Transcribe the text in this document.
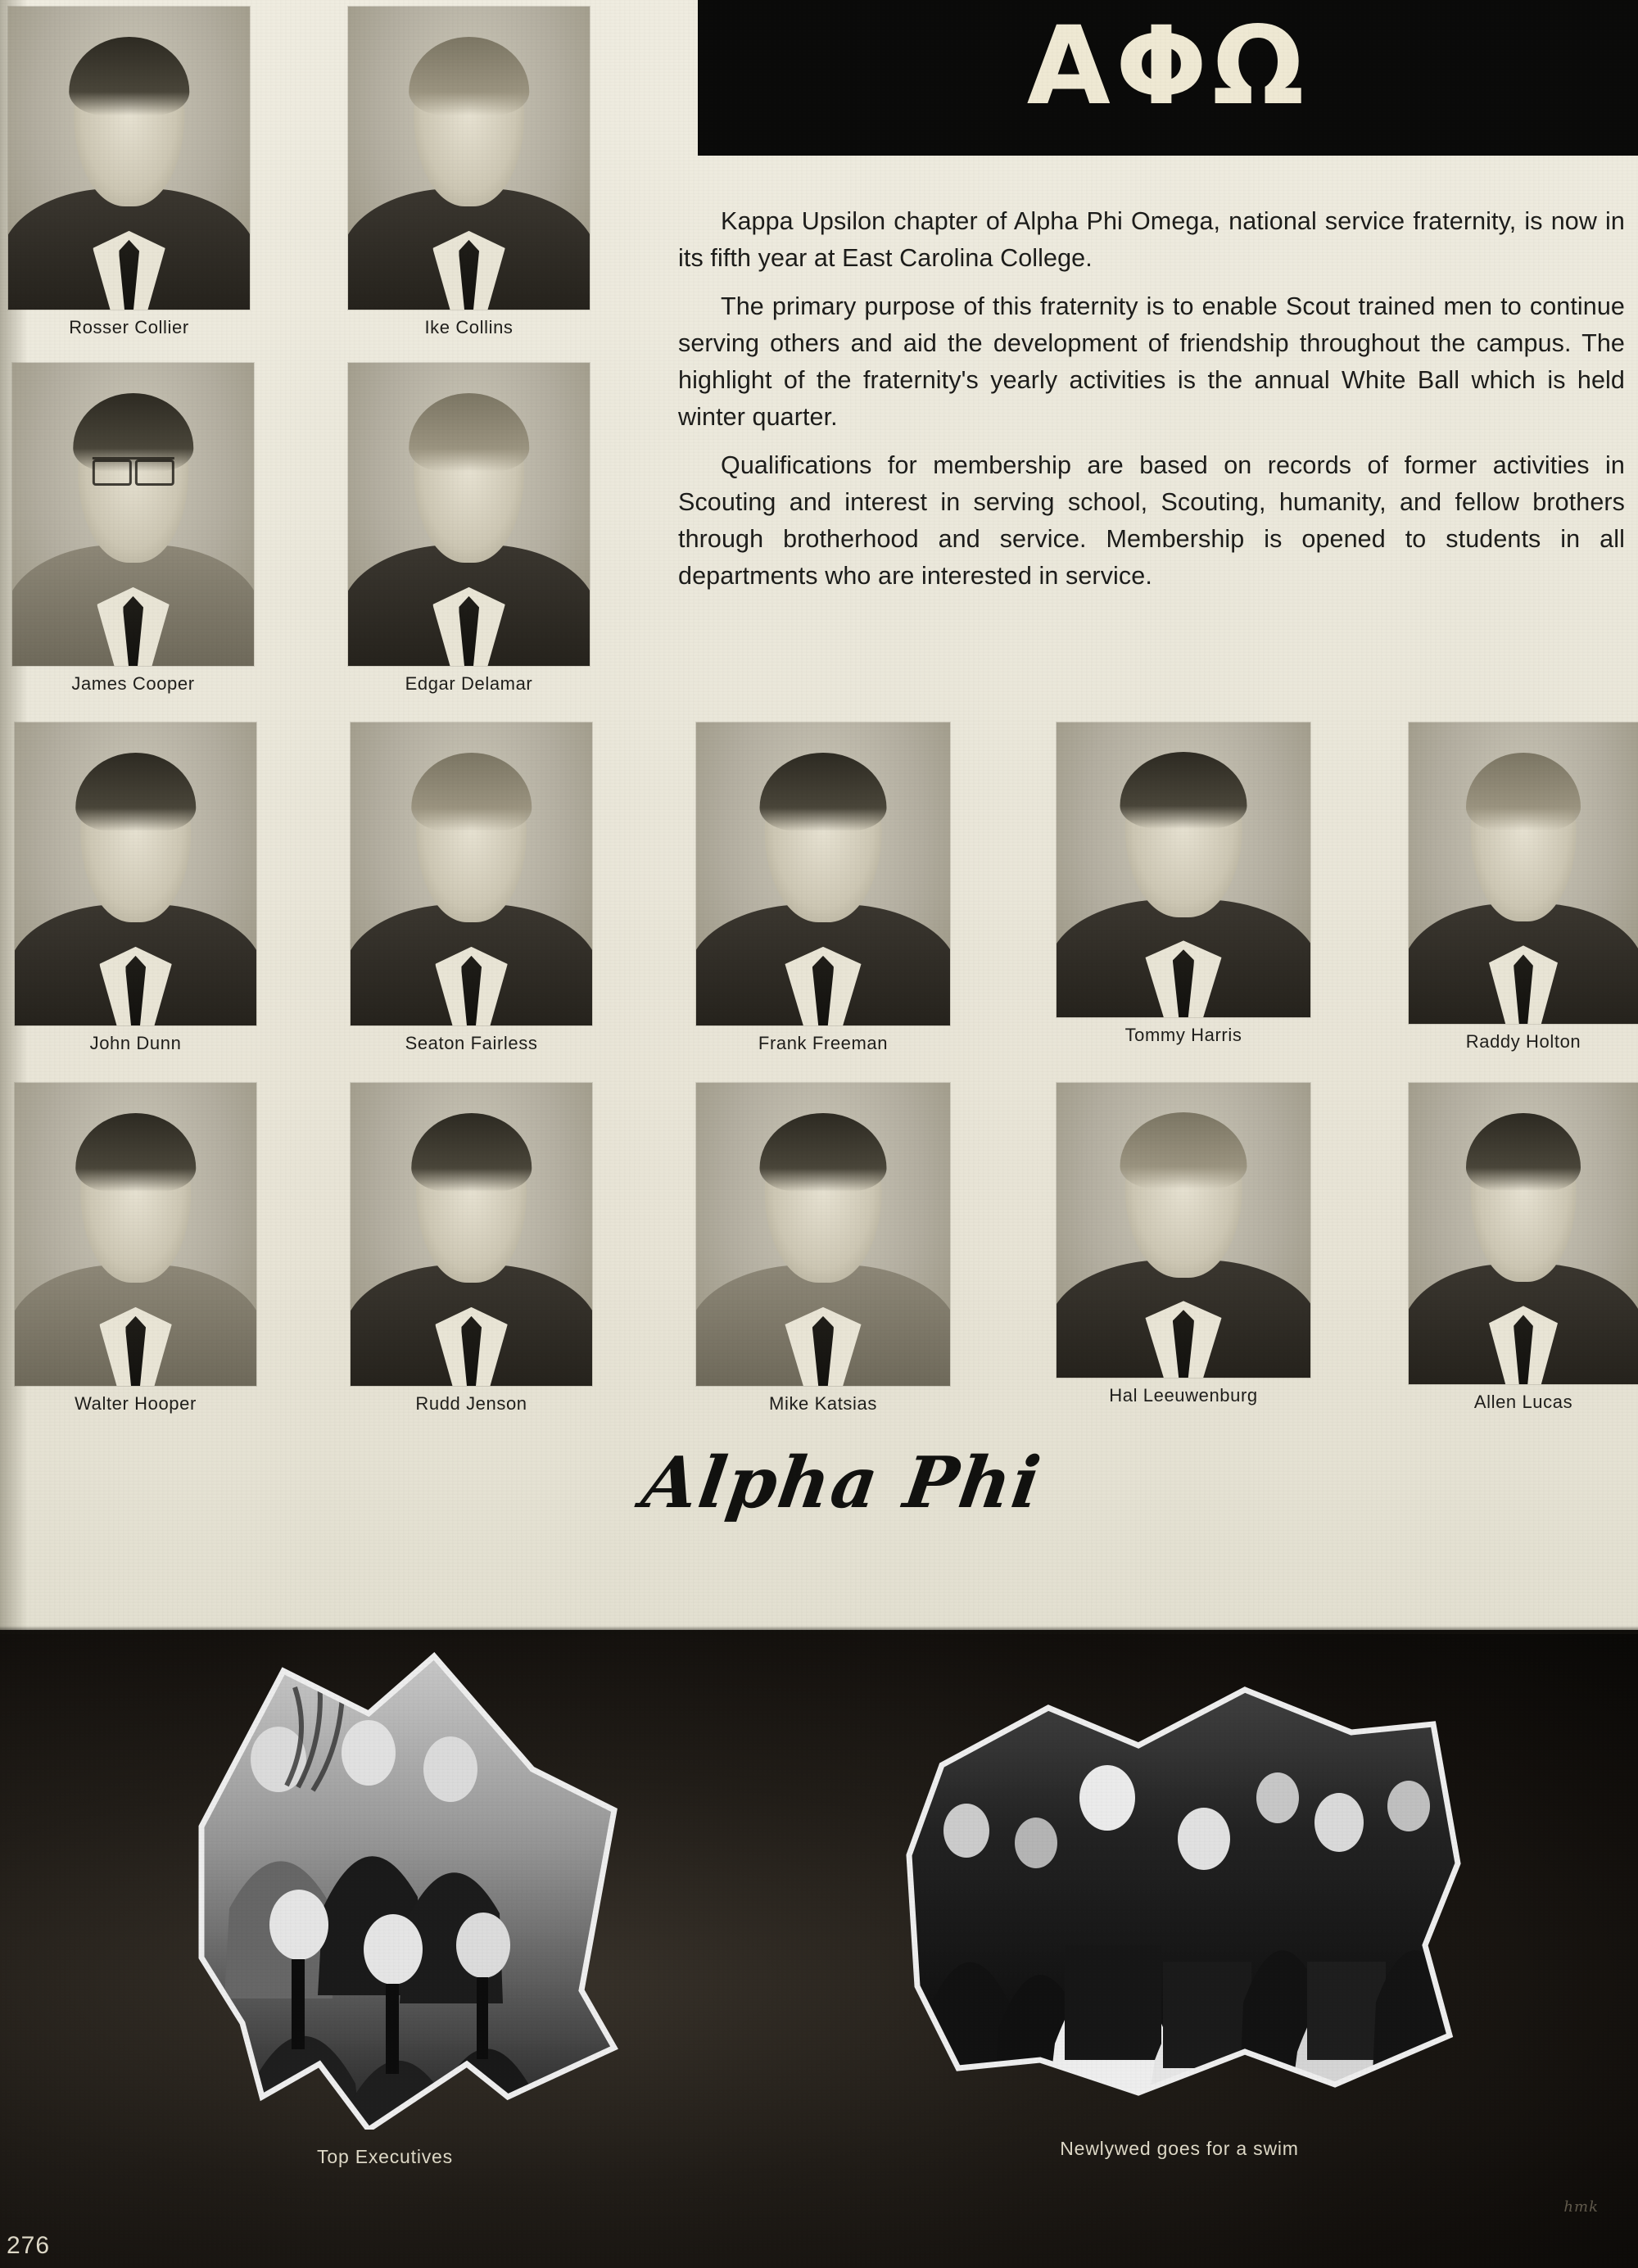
ΑΦΩ

Kappa Upsilon chapter of Alpha Phi Omega, national service fraternity, is now in its fifth year at East Carolina College.

The primary purpose of this fraternity is to enable Scout trained men to continue serving others and aid the development of friendship throughout the campus. The highlight of the fraternity's yearly activities is the annual White Ball which is held winter quarter.

Qualifications for membership are based on records of former activities in Scouting and interest in serving school, Scouting, humanity, and fellow brothers through brotherhood and service. Membership is opened to students in all departments who are interested in service.

Rosser Collier	Ike Collins
James Cooper	Edgar Delamar
John Dunn	Seaton Fairless	Frank Freeman	Tommy Harris	Raddy Holton
Walter Hooper	Rudd Jenson	Mike Katsias	Hal Leeuwenburg	Allen Lucas
Alpha Phi
Top Executives	Newlywed goes for a swim
hmk
276
